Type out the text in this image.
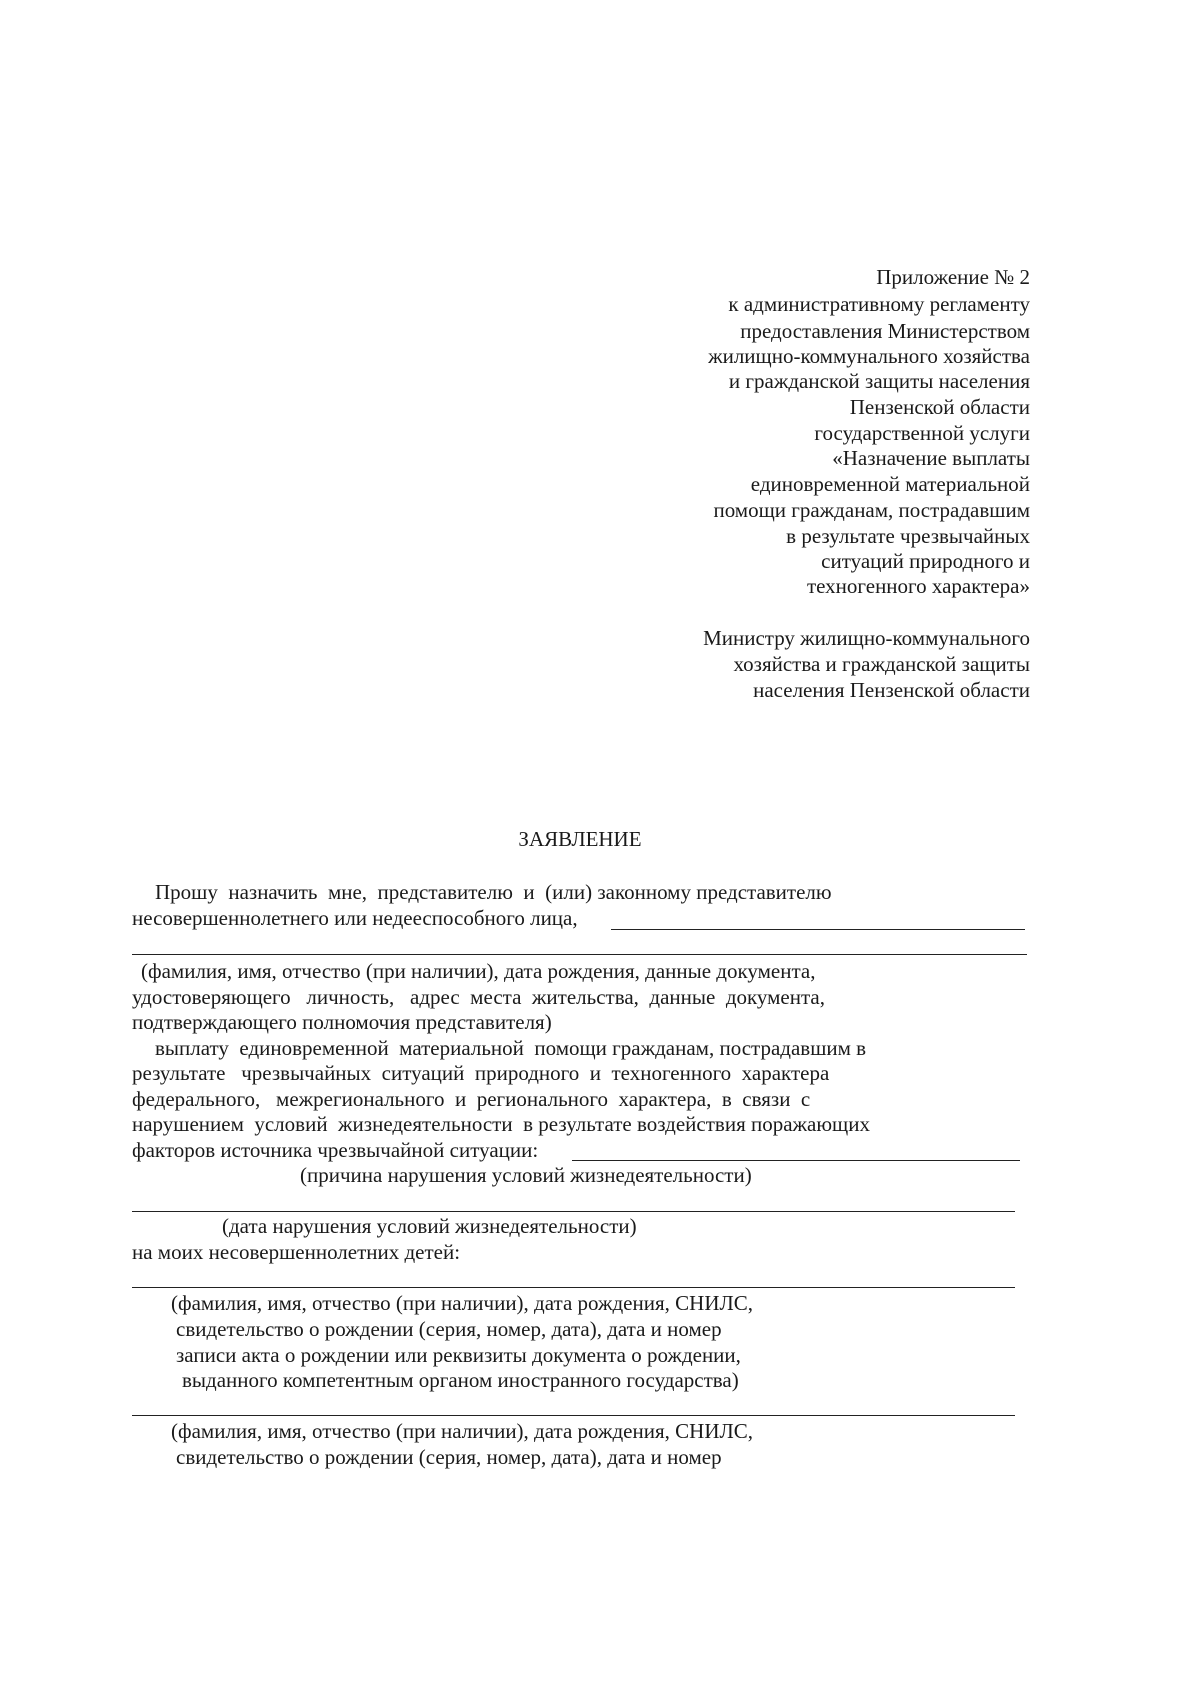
Приложение № 2
к административному регламенту
предоставления Министерством
жилищно-коммунального хозяйства
и гражданской защиты населения
Пензенской области
государственной услуги
«Назначение выплаты
единовременной материальной
помощи гражданам, пострадавшим
в результате чрезвычайных
ситуаций природного и
техногенного характера»
Министру жилищно-коммунального
хозяйства и гражданской защиты
населения Пензенской области
ЗАЯВЛЕНИЕ
Прошу  назначить  мне,  представителю  и  (или) законному представителю
несовершеннолетнего или недееспособного лица,
(фамилия, имя, отчество (при наличии), дата рождения, данные документа,
удостоверяющего   личность,   адрес  места  жительства,  данные  документа,
подтверждающего полномочия представителя)
выплату  единовременной  материальной  помощи гражданам, пострадавшим в
результате   чрезвычайных  ситуаций  природного  и  техногенного  характера
федерального,   межрегионального  и  регионального  характера,  в  связи  с
нарушением  условий  жизнедеятельности  в результате воздействия поражающих
факторов источника чрезвычайной ситуации:
(причина нарушения условий жизнедеятельности)
(дата нарушения условий жизнедеятельности)
на моих несовершеннолетних детей:
(фамилия, имя, отчество (при наличии), дата рождения, СНИЛС,
свидетельство о рождении (серия, номер, дата), дата и номер
записи акта о рождении или реквизиты документа о рождении,
выданного компетентным органом иностранного государства)
(фамилия, имя, отчество (при наличии), дата рождения, СНИЛС,
свидетельство о рождении (серия, номер, дата), дата и номер
